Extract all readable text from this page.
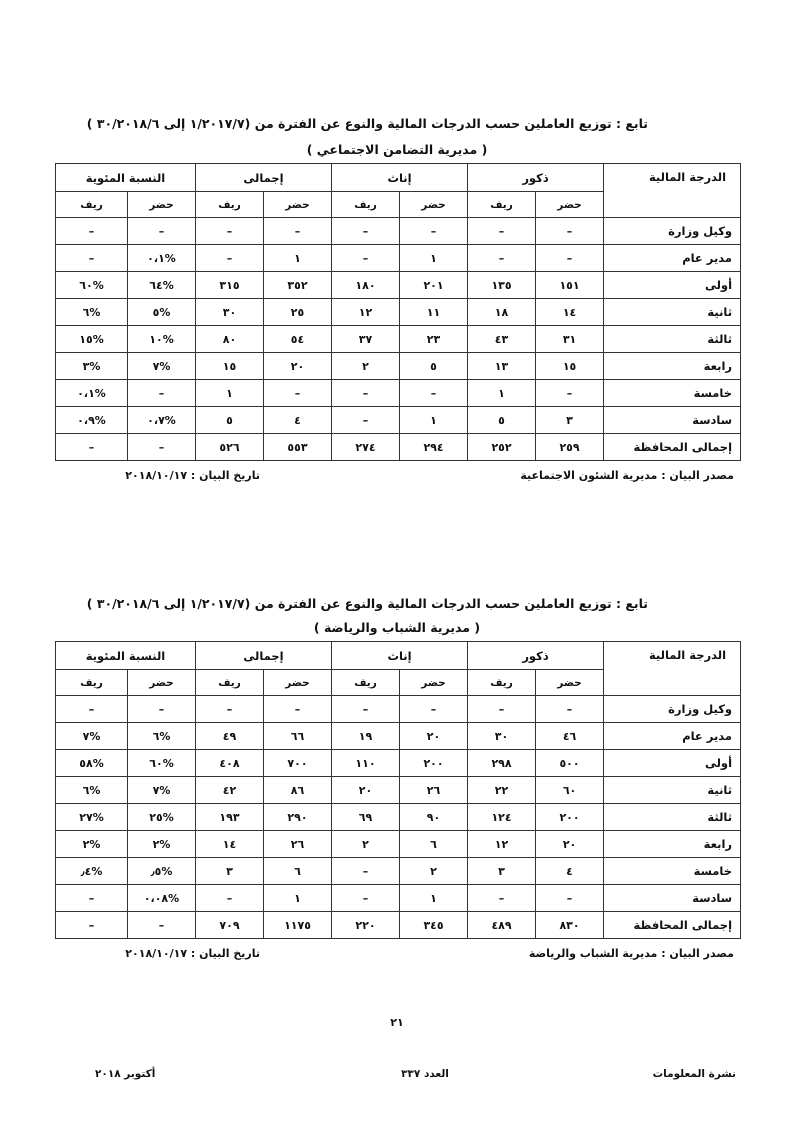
تابع : توزيع العاملين حسب الدرجات المالية والنوع عن الفترة من (١/٢٠١٧/٧ إلى ٣٠/٢٠١٨/٦ )
( مديرية التضامن الاجتماعي )
الدرجة المالية	ذكور		إناث		إجمالى		النسبة المئوية	
	حضر	ريف	حضر	ريف	حضر	ريف	حضر	ريف
وكيل وزارة	–	–	–	–	–	–	–	–
مدير عام	–	–	١	–	١	–	%٠،١	–
أولى	١٥١	١٣٥	٢٠١	١٨٠	٣٥٢	٣١٥	%٦٤	%٦٠
ثانية	١٤	١٨	١١	١٢	٢٥	٣٠	%٥	%٦
ثالثة	٣١	٤٣	٢٣	٣٧	٥٤	٨٠	%١٠	%١٥
رابعة	١٥	١٣	٥	٢	٢٠	١٥	%٧	%٣
خامسة	–	١	–	–	–	١	–	%٠،١
سادسة	٣	٥	١	–	٤	٥	%٠،٧	%٠،٩
إجمالى المحافظة	٢٥٩	٢٥٢	٢٩٤	٢٧٤	٥٥٣	٥٢٦	–	–
مصدر البيان : مديرية الشئون الاجتماعية
تاريخ البيان : ٢٠١٨/١٠/١٧
تابع : توزيع العاملين حسب الدرجات المالية والنوع عن الفترة من (١/٢٠١٧/٧ إلى ٣٠/٢٠١٨/٦ )
( مديرية الشباب والرياضة )
الدرجة المالية	ذكور		إناث		إجمالى		النسبة المئوية	
	حضر	ريف	حضر	ريف	حضر	ريف	حضر	ريف
وكيل وزارة	–	–	–	–	–	–	–	–
مدير عام	٤٦	٣٠	٢٠	١٩	٦٦	٤٩	%٦	%٧
أولى	٥٠٠	٢٩٨	٢٠٠	١١٠	٧٠٠	٤٠٨	%٦٠	%٥٨
ثانية	٦٠	٢٢	٢٦	٢٠	٨٦	٤٢	%٧	%٦
ثالثة	٢٠٠	١٢٤	٩٠	٦٩	٢٩٠	١٩٣	%٢٥	%٢٧
رابعة	٢٠	١٢	٦	٢	٢٦	١٤	%٢	%٢
خامسة	٤	٣	٢	–	٦	٣	%٫٥	%٫٤
سادسة	–	–	١	–	١	–	%٠،٠٨	–
إجمالى المحافظة	٨٣٠	٤٨٩	٣٤٥	٢٢٠	١١٧٥	٧٠٩	–	–
مصدر البيان : مديرية الشباب والرياضة
تاريخ البيان : ٢٠١٨/١٠/١٧
٢١
أكتوبر ٢٠١٨	العدد ٣٣٧	نشرة المعلومات
